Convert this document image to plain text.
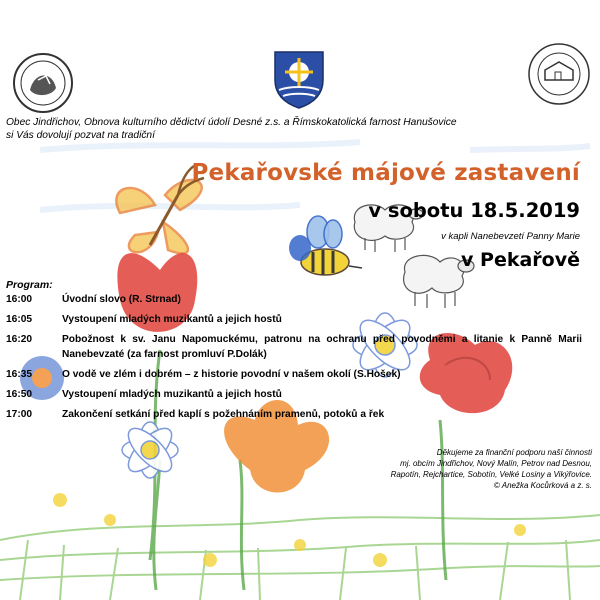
Obec Jindřichov, Obnova kulturního dědictví údolí Desné z.s. a Římskokatolická farnost Hanušovice
si Vás dovolují pozvat na tradiční
Pekařovské májové zastavení
v sobotu 18.5.2019
v kapli Nanebevzetí Panny Marie
v Pekařově
Program:
16:00	Úvodní slovo (R. Strnad)
16:05	Vystoupení mladých muzikantů a jejich hostů
16:20	Pobožnost k sv. Janu Napomuckému, patronu na ochranu před povodněmi a litanie k Panně Marii Nanebevzaté (za farnost promluví P.Dolák)
16:35	O vodě ve zlém i dobrém – z historie povodní v našem okolí (S.Hošek)
16:50	Vystoupení mladých muzikantů a jejich hostů
17:00	Zakončení setkání před kaplí s požehnáním pramenů, potoků a řek
Děkujeme za finanční podporu naší činnosti
mj. obcím Jindřichov, Nový Malín, Petrov nad Desnou,
Rapotín, Rejchartice, Sobotín, Velké Losiny a Vikýřovice.
© Anežka Kocůrková a z. s.
